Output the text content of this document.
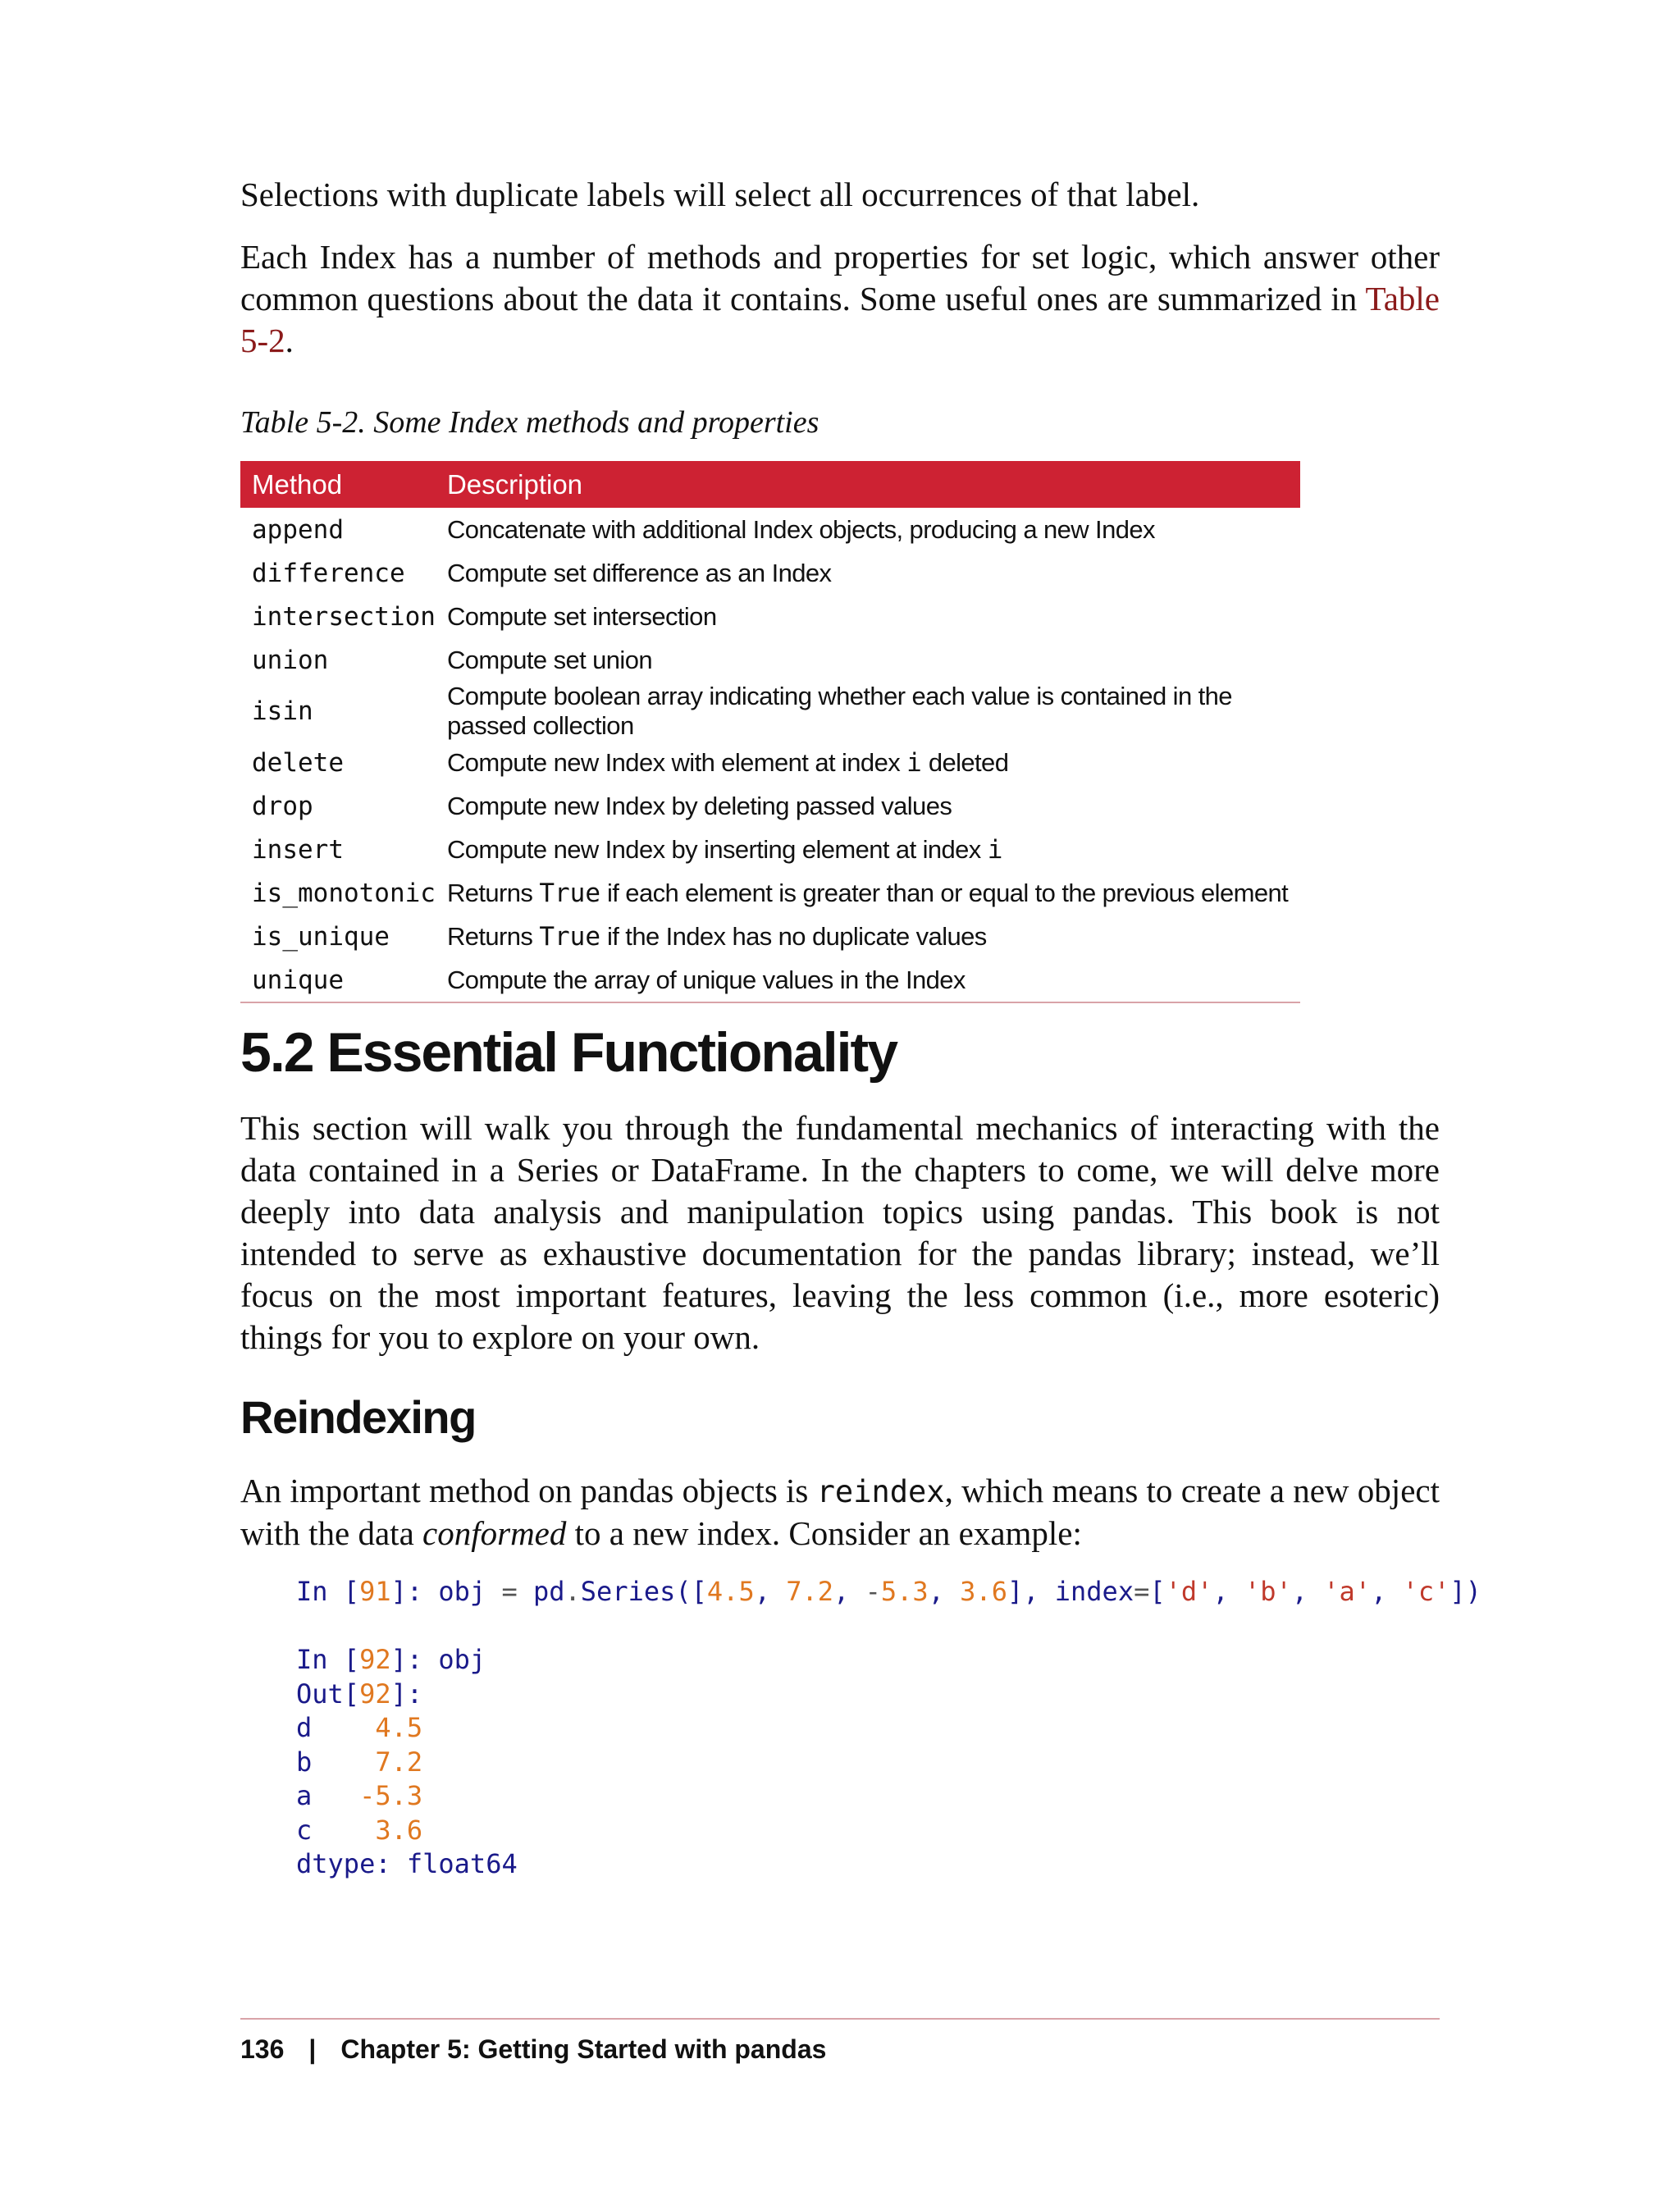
Selections with duplicate labels will select all occurrences of that label.

Each Index has a number of methods and properties for set logic, which answer other common questions about the data it contains. Some useful ones are summarized in Table 5-2.

Table 5-2. Some Index methods and properties
Method	Description
append	Concatenate with additional Index objects, producing a new Index
difference	Compute set difference as an Index
intersection	Compute set intersection
union	Compute set union
isin	Compute boolean array indicating whether each value is contained in the passed collection
delete	Compute new Index with element at index i deleted
drop	Compute new Index by deleting passed values
insert	Compute new Index by inserting element at index i
is_monotonic	Returns True if each element is greater than or equal to the previous element
is_unique	Returns True if the Index has no duplicate values
unique	Compute the array of unique values in the Index
5.2 Essential Functionality

This section will walk you through the fundamental mechanics of interacting with the data contained in a Series or DataFrame. In the chapters to come, we will delve more deeply into data analysis and manipulation topics using pandas. This book is not intended to serve as exhaustive documentation for the pandas library; instead, we’ll focus on the most important features, leaving the less common (i.e., more esoteric) things for you to explore on your own.

Reindexing

An important method on pandas objects is reindex, which means to create a new object with the data conformed to a new index. Consider an example:

In [91]: obj = pd.Series([4.5, 7.2, -5.3, 3.6], index=['d', 'b', 'a', 'c'])

In [92]: obj
Out[92]:
d 4.5
b 7.2
a -5.3
c 3.6
dtype: float64
136 | Chapter 5: Getting Started with pandas
